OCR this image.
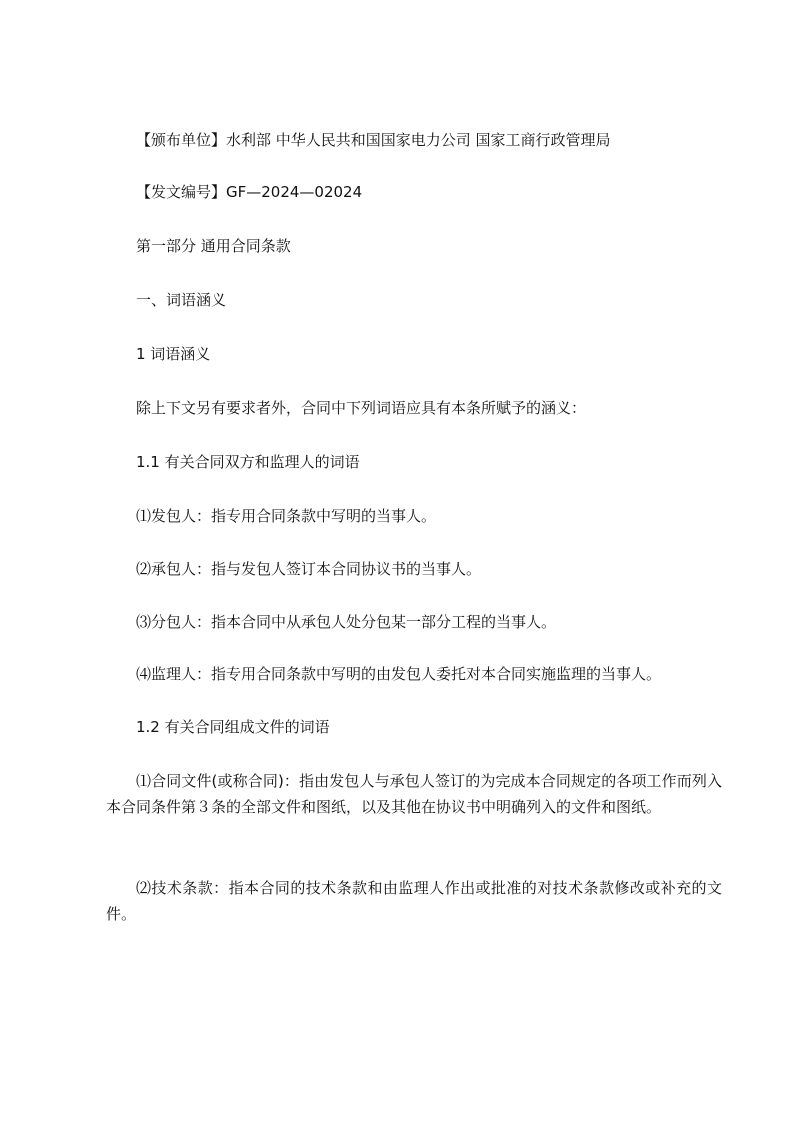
【颁布单位】水利部 中华人民共和国国家电力公司 国家工商行政管理局
【发文编号】GF—2024—02024
第一部分 通用合同条款
一、词语涵义
1 词语涵义
除上下文另有要求者外，合同中下列词语应具有本条所赋予的涵义：
1.1 有关合同双方和监理人的词语
⑴发包人：指专用合同条款中写明的当事人。
⑵承包人：指与发包人签订本合同协议书的当事人。
⑶分包人：指本合同中从承包人处分包某一部分工程的当事人。
⑷监理人：指专用合同条款中写明的由发包人委托对本合同实施监理的当事人。
1.2 有关合同组成文件的词语
⑴合同文件(或称合同)：指由发包人与承包人签订的为完成本合同规定的各项工作而列入本合同条件第３条的全部文件和图纸，以及其他在协议书中明确列入的文件和图纸。
⑵技术条款：指本合同的技术条款和由监理人作出或批准的对技术条款修改或补充的文件。
